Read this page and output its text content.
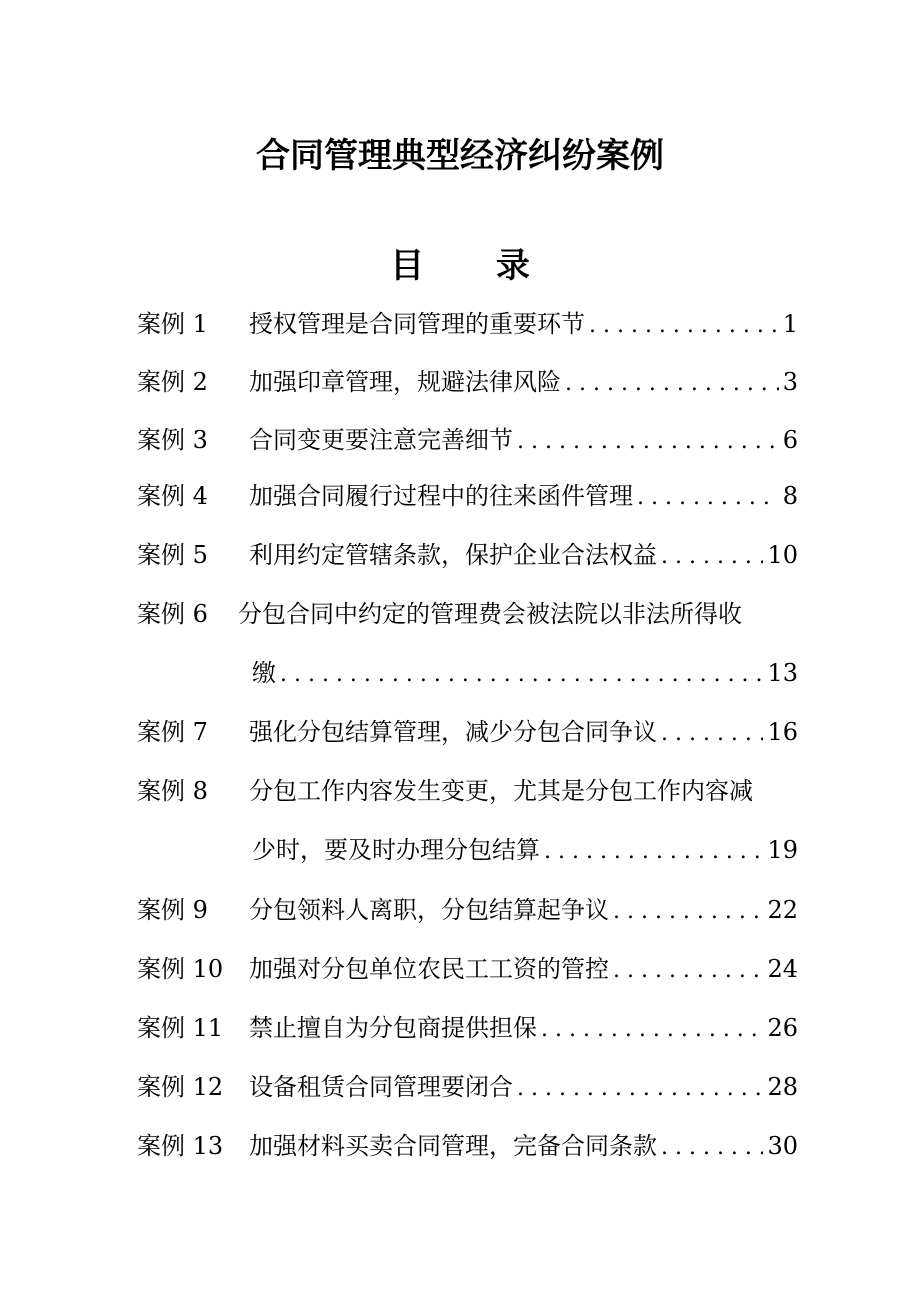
合同管理典型经济纠纷案例
目 录
案例 1 授权管理是合同管理的重要环节 . . .	1
案例 2 加强印章管理，规避法律风险 . . .	3
案例 3 合同变更要注意完善细节 . . .	6
案例 4 加强合同履行过程中的往来函件管理 . . .	8
案例 5 利用约定管辖条款，保护企业合法权益 . . .	10
案例 6 分包合同中约定的管理费会被法院以非法所得收
缴 . . .	13
案例 7 强化分包结算管理，减少分包合同争议 . . .	16
案例 8 分包工作内容发生变更，尤其是分包工作内容减
少时，要及时办理分包结算 . . .	19
案例 9 分包领料人离职，分包结算起争议 . . .	22
案例 10 加强对分包单位农民工工资的管控 . . .	24
案例 11 禁止擅自为分包商提供担保 . . .	26
案例 12 设备租赁合同管理要闭合 . . .	28
案例 13 加强材料买卖合同管理，完备合同条款 . . .	30
